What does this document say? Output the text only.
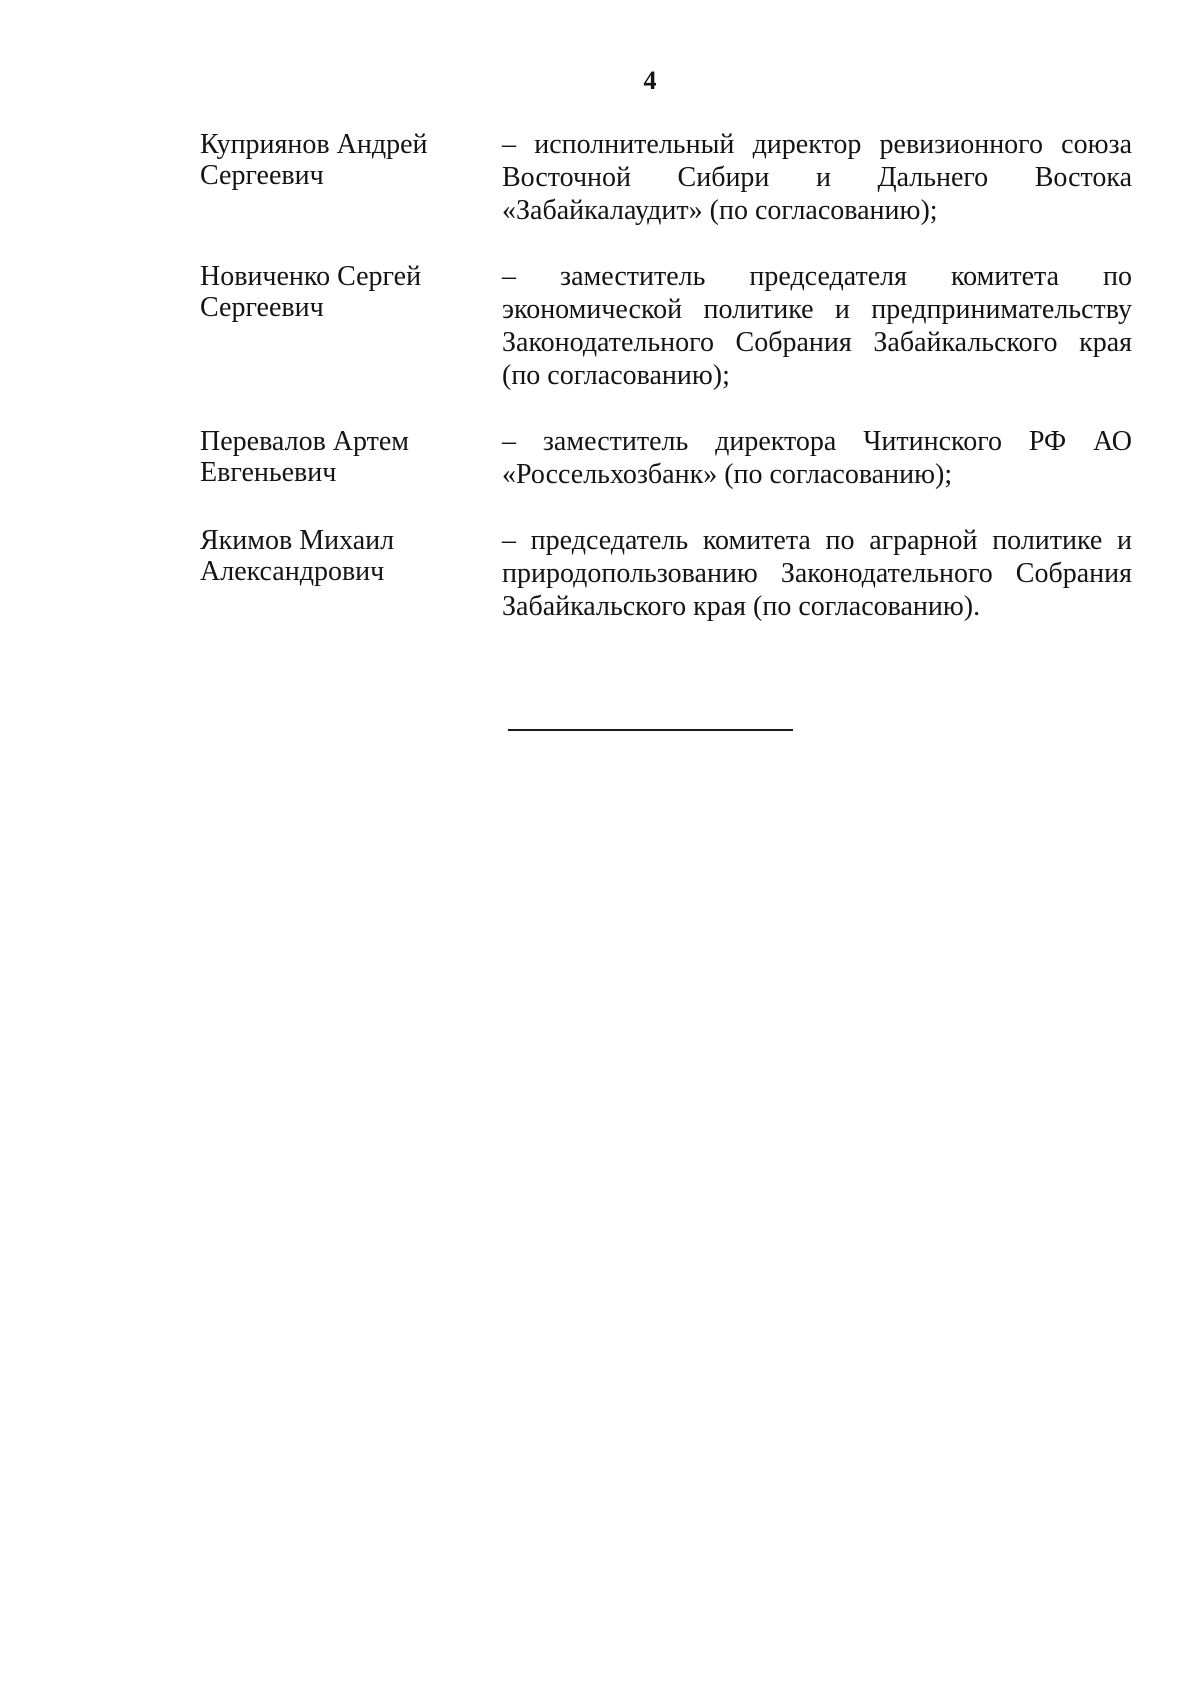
4
Куприянов Андрей
Сергеевич
– исполнительный директор ревизионного союза Восточной Сибири и Дальнего Востока «Забайкалаудит» (по согласованию);
Новиченко Сергей
Сергеевич
– заместитель председателя комитета по экономической политике и предпринимательству Законодательного Собрания Забайкальского края (по согласованию);
Перевалов Артем
Евгеньевич
– заместитель директора Читинского РФ АО «Россельхозбанк» (по согласованию);
Якимов Михаил
Александрович
– председатель комитета по аграрной политике и природопользованию Законодательного Собрания Забайкальского края (по согласованию).
